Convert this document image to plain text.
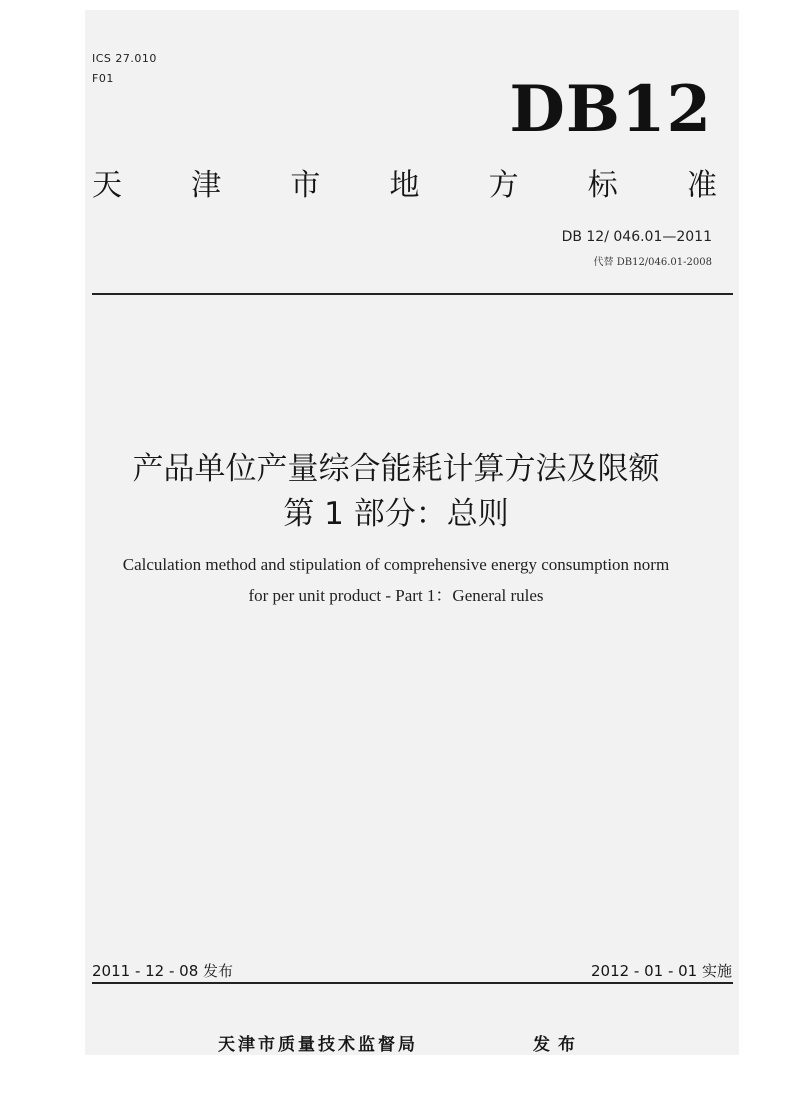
ICS 27.010
F01	DB12
天 津 市 地 方 标 准
DB 12/ 046.01—2011
代替 DB12/046.01-2008
产品单位产量综合能耗计算方法及限额
第 1 部分：总则
Calculation method and stipulation of comprehensive energy consumption norm
for per unit product - Part 1：General rules
2011 - 12 - 08 发布	2012 - 01 - 01 实施
天津市质量技术监督局	发布
